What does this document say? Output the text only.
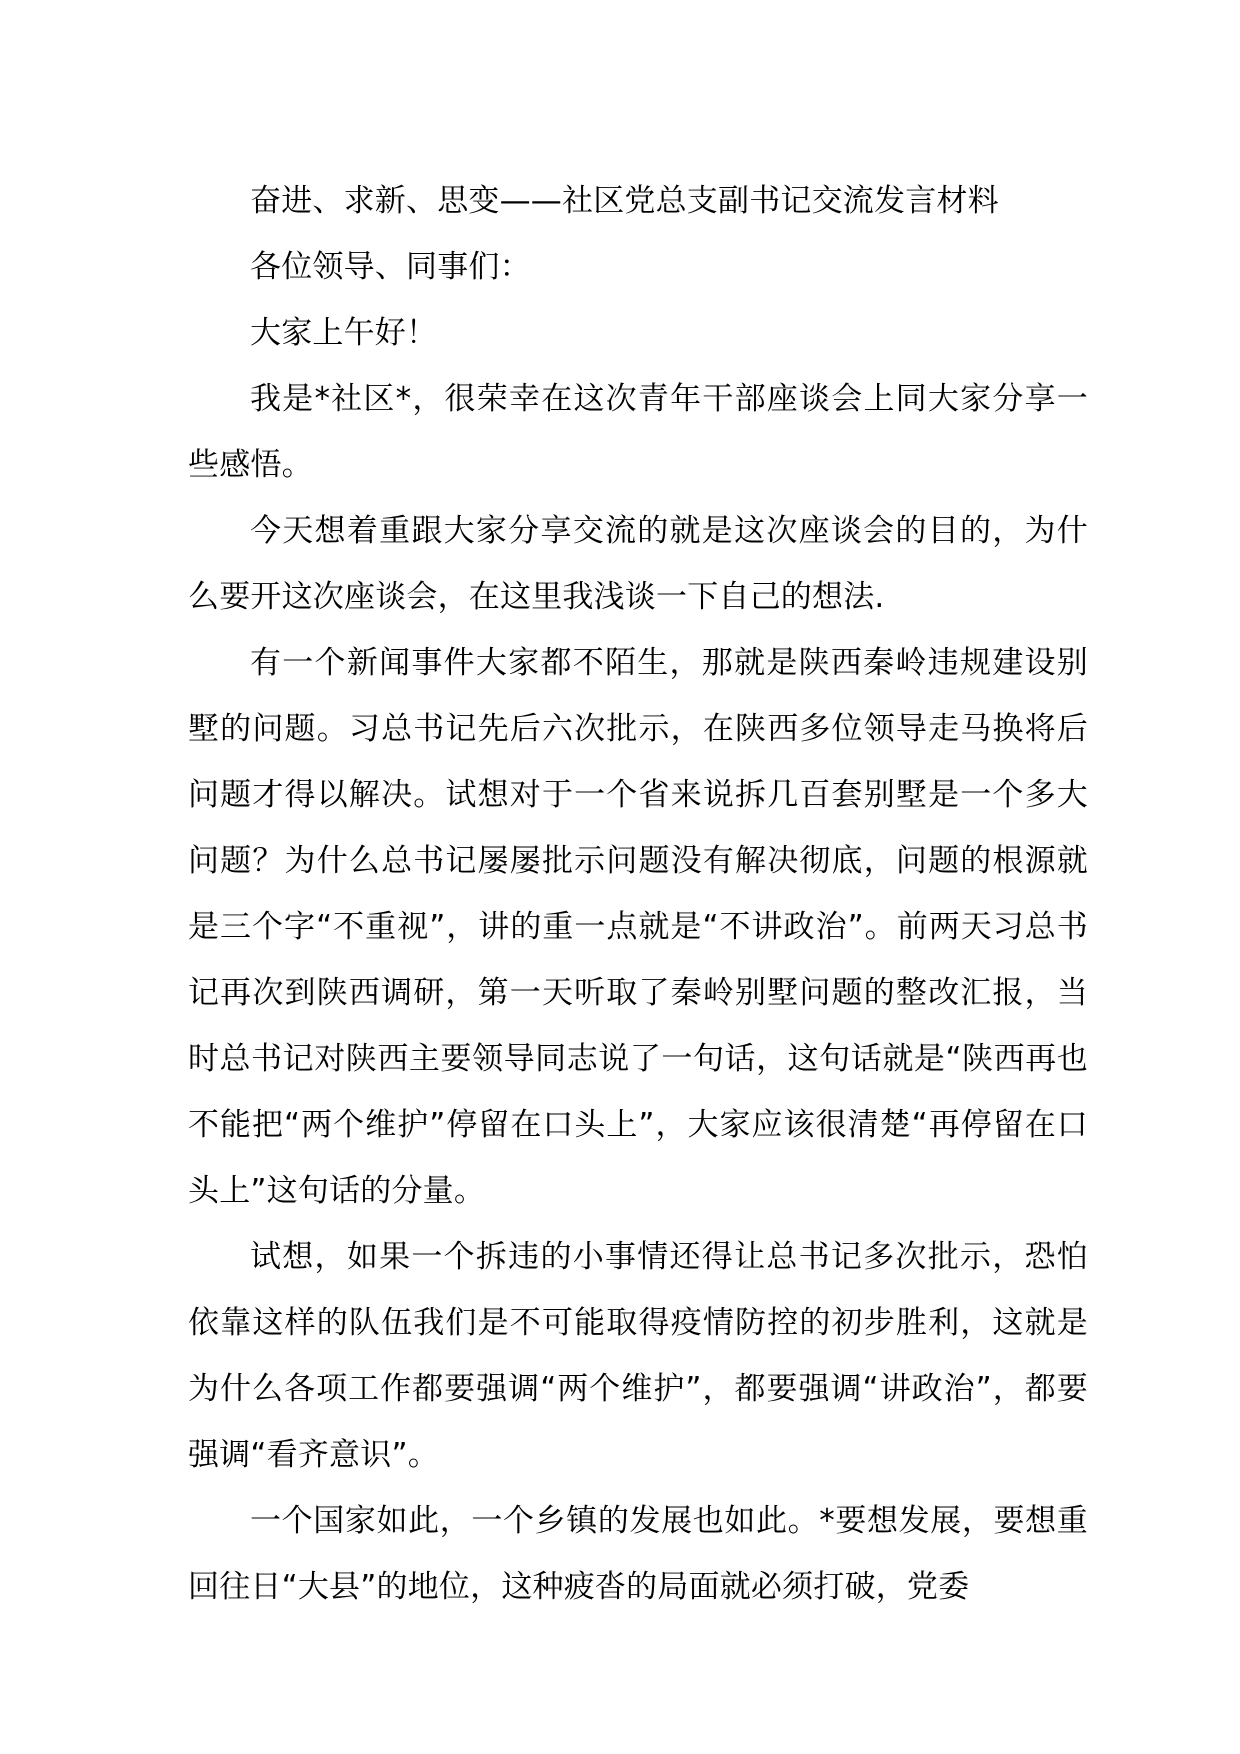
奋进、求新、思变——社区党总支副书记交流发言材料

各位领导、同事们：

大家上午好！

我是*社区*，很荣幸在这次青年干部座谈会上同大家分享一些感悟。

今天想着重跟大家分享交流的就是这次座谈会的目的，为什么要开这次座谈会，在这里我浅谈一下自己的想法.

有一个新闻事件大家都不陌生，那就是陕西秦岭违规建设别墅的问题。习总书记先后六次批示，在陕西多位领导走马换将后问题才得以解决。试想对于一个省来说拆几百套别墅是一个多大问题？为什么总书记屡屡批示问题没有解决彻底，问题的根源就是三个字“不重视”，讲的重一点就是“不讲政治”。前两天习总书记再次到陕西调研，第一天听取了秦岭别墅问题的整改汇报，当时总书记对陕西主要领导同志说了一句话，这句话就是“陕西再也不能把“两个维护”停留在口头上”，大家应该很清楚“再停留在口头上”这句话的分量。

试想，如果一个拆违的小事情还得让总书记多次批示，恐怕依靠这样的队伍我们是不可能取得疫情防控的初步胜利，这就是为什么各项工作都要强调“两个维护”，都要强调“讲政治”，都要强调“看齐意识”。

一个国家如此，一个乡镇的发展也如此。*要想发展，要想重回往日“大县”的地位，这种疲沓的局面就必须打破，党委
